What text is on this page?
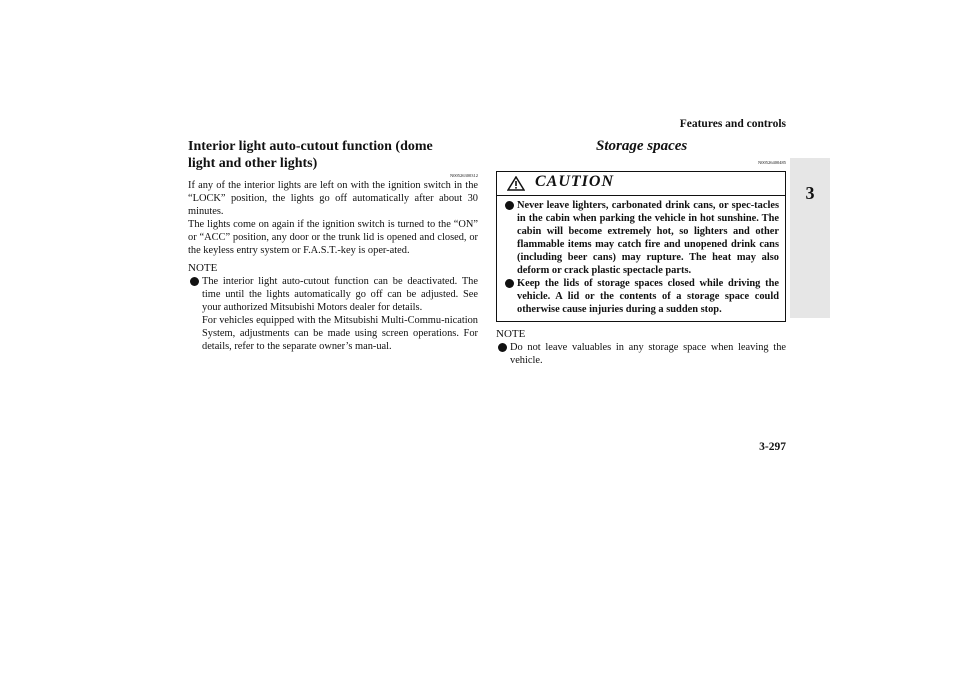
Features and controls
3
Interior light auto-cutout function (dome light and other lights)
N00526300312

If any of the interior lights are left on with the ignition switch in the “LOCK” position, the lights go off automatically after about 30 minutes.

The lights come on again if the ignition switch is turned to the “ON” or “ACC” position, any door or the trunk lid is opened and closed, or the keyless entry system or F.A.S.T.-key is oper-ated.

NOTE
The interior light auto-cutout function can be deactivated. The time until the lights automatically go off can be adjusted. See your authorized Mitsubishi Motors dealer for details.
For vehicles equipped with the Mitsubishi Multi-Commu-nication System, adjustments can be made using screen operations. For details, refer to the separate owner’s man-ual.
Storage spaces
N00526400485
CAUTION
Never leave lighters, carbonated drink cans, or spec-tacles in the cabin when parking the vehicle in hot sunshine. The cabin will become extremely hot, so lighters and other flammable items may catch fire and unopened drink cans (including beer cans) may rupture. The heat may also deform or crack plastic spectacle parts.
Keep the lids of storage spaces closed while driving the vehicle. A lid or the contents of a storage space could otherwise cause injuries during a sudden stop.
NOTE
Do not leave valuables in any storage space when leaving the vehicle.
3-297
